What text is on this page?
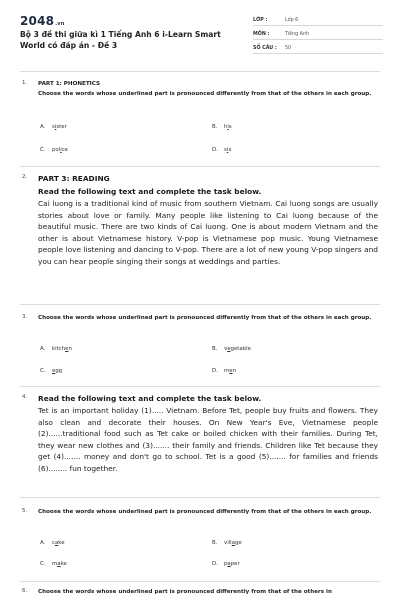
2048.vn
Bộ 3 đề thi giữa kì 1 Tiếng Anh 6 i-Learn Smart World có đáp án - Đề 3
LỚP :	Lớp 6
MÔN :	Tiếng Anh
SỐ CÂU : 50
1. PART 1: PHONETICS
Choose the words whose underlined part is pronounced differently from that of the others in each group.
A. sister	B. his
C. police	D. six
2. PART 3: READING
Read the following text and complete the task below.
Cai luong is a traditional kind of music from southern Vietnam. Cai luong songs are usually stories about love or family. Many people like listening to Cai luong because of the beautiful music. There are two kinds of Cai luong. One is about modern Vietnam and the other is about Vietnamese history. V-pop is Vietnamese pop music. Young Vietnamese people love listening and dancing to V-pop. There are a lot of new young V-pop singers and you can hear people singing their songs at weddings and parties.
3. Choose the words whose underlined part is pronounced differently from that of the others in each group.
A. kitchen	B. vegetable
C. egg	D. men
4. Read the following text and complete the task below.
Tet is an important holiday (1)..... Vietnam. Before Tet, people buy fruits and flowers. They also clean and decorate their houses. On New Year's Eve, Vietnamese people (2)......traditional food such as Tet cake or boiled chicken with their families. During Tet, they wear new clothes and (3)....... their family and friends. Children like Tet because they get (4)....... money and don't go to school. Tet is a good (5)....... for families and friends (6)........ fun together.
5. Choose the words whose underlined part is pronounced differently from that of the others in each group.
A. cake	B. village
C. make	D. paper
6. Choose the words whose underlined part is pronounced differently from that of the others in
